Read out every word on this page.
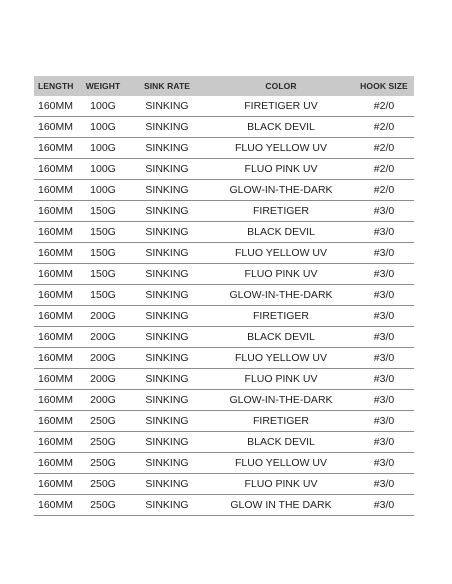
LENGTH	WEIGHT	SINK RATE	COLOR	HOOK SIZE
160MM	100G	SINKING	FIRETIGER UV	#2/0
160MM	100G	SINKING	BLACK DEVIL	#2/0
160MM	100G	SINKING	FLUO YELLOW UV	#2/0
160MM	100G	SINKING	FLUO PINK UV	#2/0
160MM	100G	SINKING	GLOW-IN-THE-DARK	#2/0
160MM	150G	SINKING	FIRETIGER	#3/0
160MM	150G	SINKING	BLACK DEVIL	#3/0
160MM	150G	SINKING	FLUO YELLOW UV	#3/0
160MM	150G	SINKING	FLUO PINK UV	#3/0
160MM	150G	SINKING	GLOW-IN-THE-DARK	#3/0
160MM	200G	SINKING	FIRETIGER	#3/0
160MM	200G	SINKING	BLACK DEVIL	#3/0
160MM	200G	SINKING	FLUO YELLOW UV	#3/0
160MM	200G	SINKING	FLUO PINK UV	#3/0
160MM	200G	SINKING	GLOW-IN-THE-DARK	#3/0
160MM	250G	SINKING	FIRETIGER	#3/0
160MM	250G	SINKING	BLACK DEVIL	#3/0
160MM	250G	SINKING	FLUO YELLOW UV	#3/0
160MM	250G	SINKING	FLUO PINK UV	#3/0
160MM	250G	SINKING	GLOW IN THE DARK	#3/0
